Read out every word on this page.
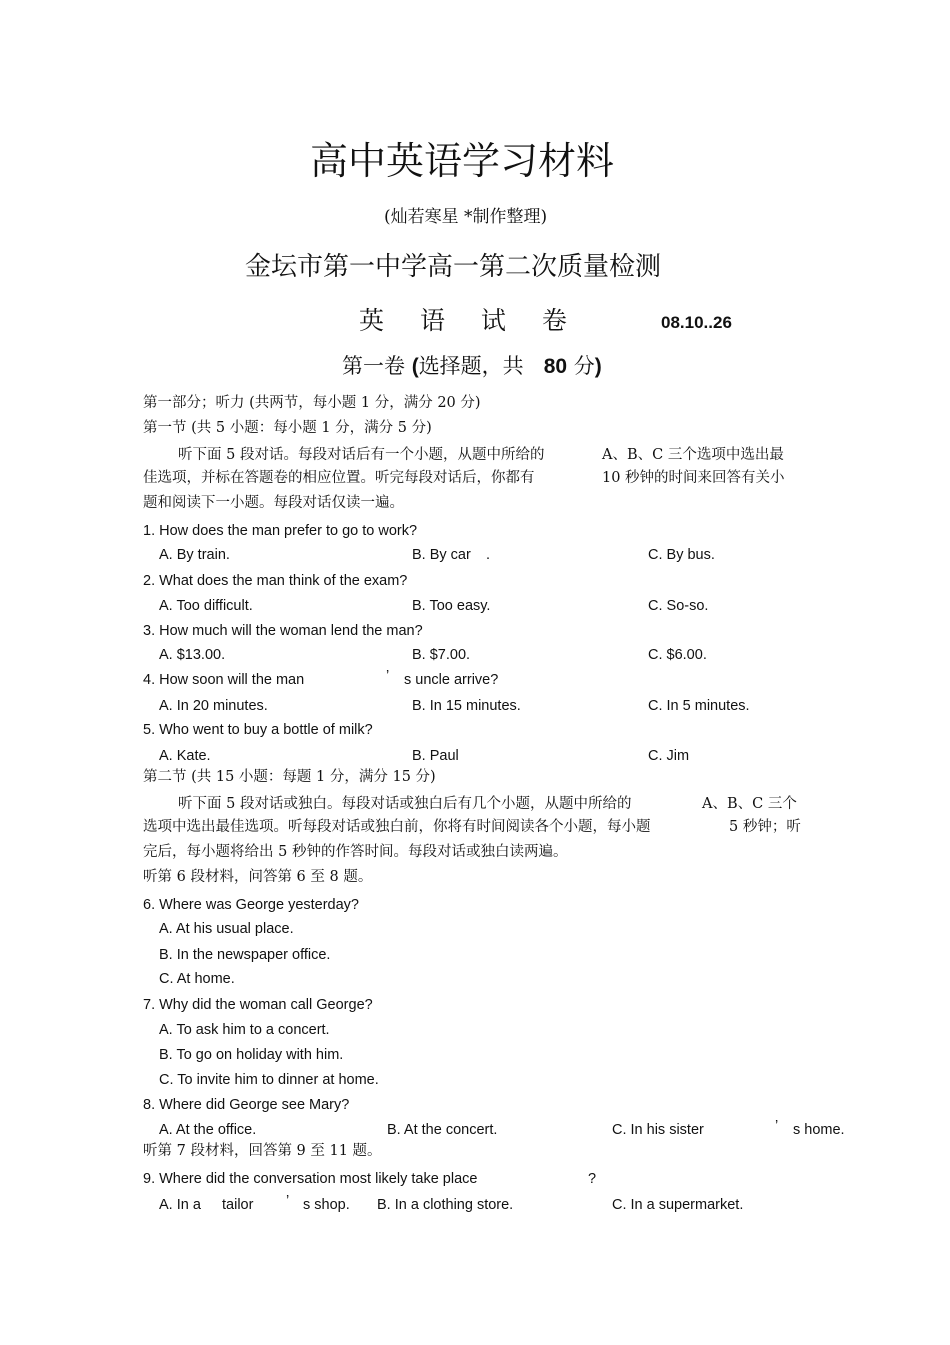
高中英语学习材料
(灿若寒星 *制作整理)
金坛市第一中学高一第二次质量检测
英 语 试 卷	08.10..26
第一卷 (选择题，共 80 分)
第一部分；听力 (共两节，每小题 1 分，满分 20 分)
第一节 (共 5 小题：每小题 1 分，满分 5 分)
听下面 5 段对话。每段对话后有一个小题，从题中所给的	A、B、C 三个选项中选出最
佳选项，并标在答题卷的相应位置。听完每段对话后，你都有	10 秒钟的时间来回答有关小
题和阅读下一小题。每段对话仅读一遍。
1. How does the man prefer to go to work?
A. By train.	B. By car .	C. By bus.
2. What does the man think of the exam?
A. Too difficult.	B. Too easy.	C. So-so.
3. How much will the woman lend the man?
A. $13.00.	B. $7.00.	C. $6.00.
4. How soon will the man	’ s uncle arrive?
A. In 20 minutes.	B. In 15 minutes.	C. In 5 minutes.
5. Who went to buy a bottle of milk?
A. Kate.	B. Paul	C. Jim
第二节 (共 15 小题：每题 1 分，满分 15 分)
听下面 5 段对话或独白。每段对话或独白后有几个小题，从题中所给的	A、B、C 三个
选项中选出最佳选项。听每段对话或独白前，你将有时间阅读各个小题，每小题	5 秒钟；听
完后，每小题将给出 5 秒钟的作答时间。每段对话或独白读两遍。
听第 6 段材料，问答第 6 至 8 题。
6. Where was George yesterday?
A. At his usual place.
B. In the newspaper office.
C. At home.
7. Why did the woman call George?
A. To ask him to a concert.
B. To go on holiday with him.
C. To invite him to dinner at home.
8. Where did George see Mary?
A. At the office.	B. At the concert.	C. In his sister	’ s home.
听第 7 段材料，回答第 9 至 11 题。
9. Where did the conversation most likely take place	?
A. In a tailor ’ s shop. B. In a clothing store.	C. In a supermarket.
